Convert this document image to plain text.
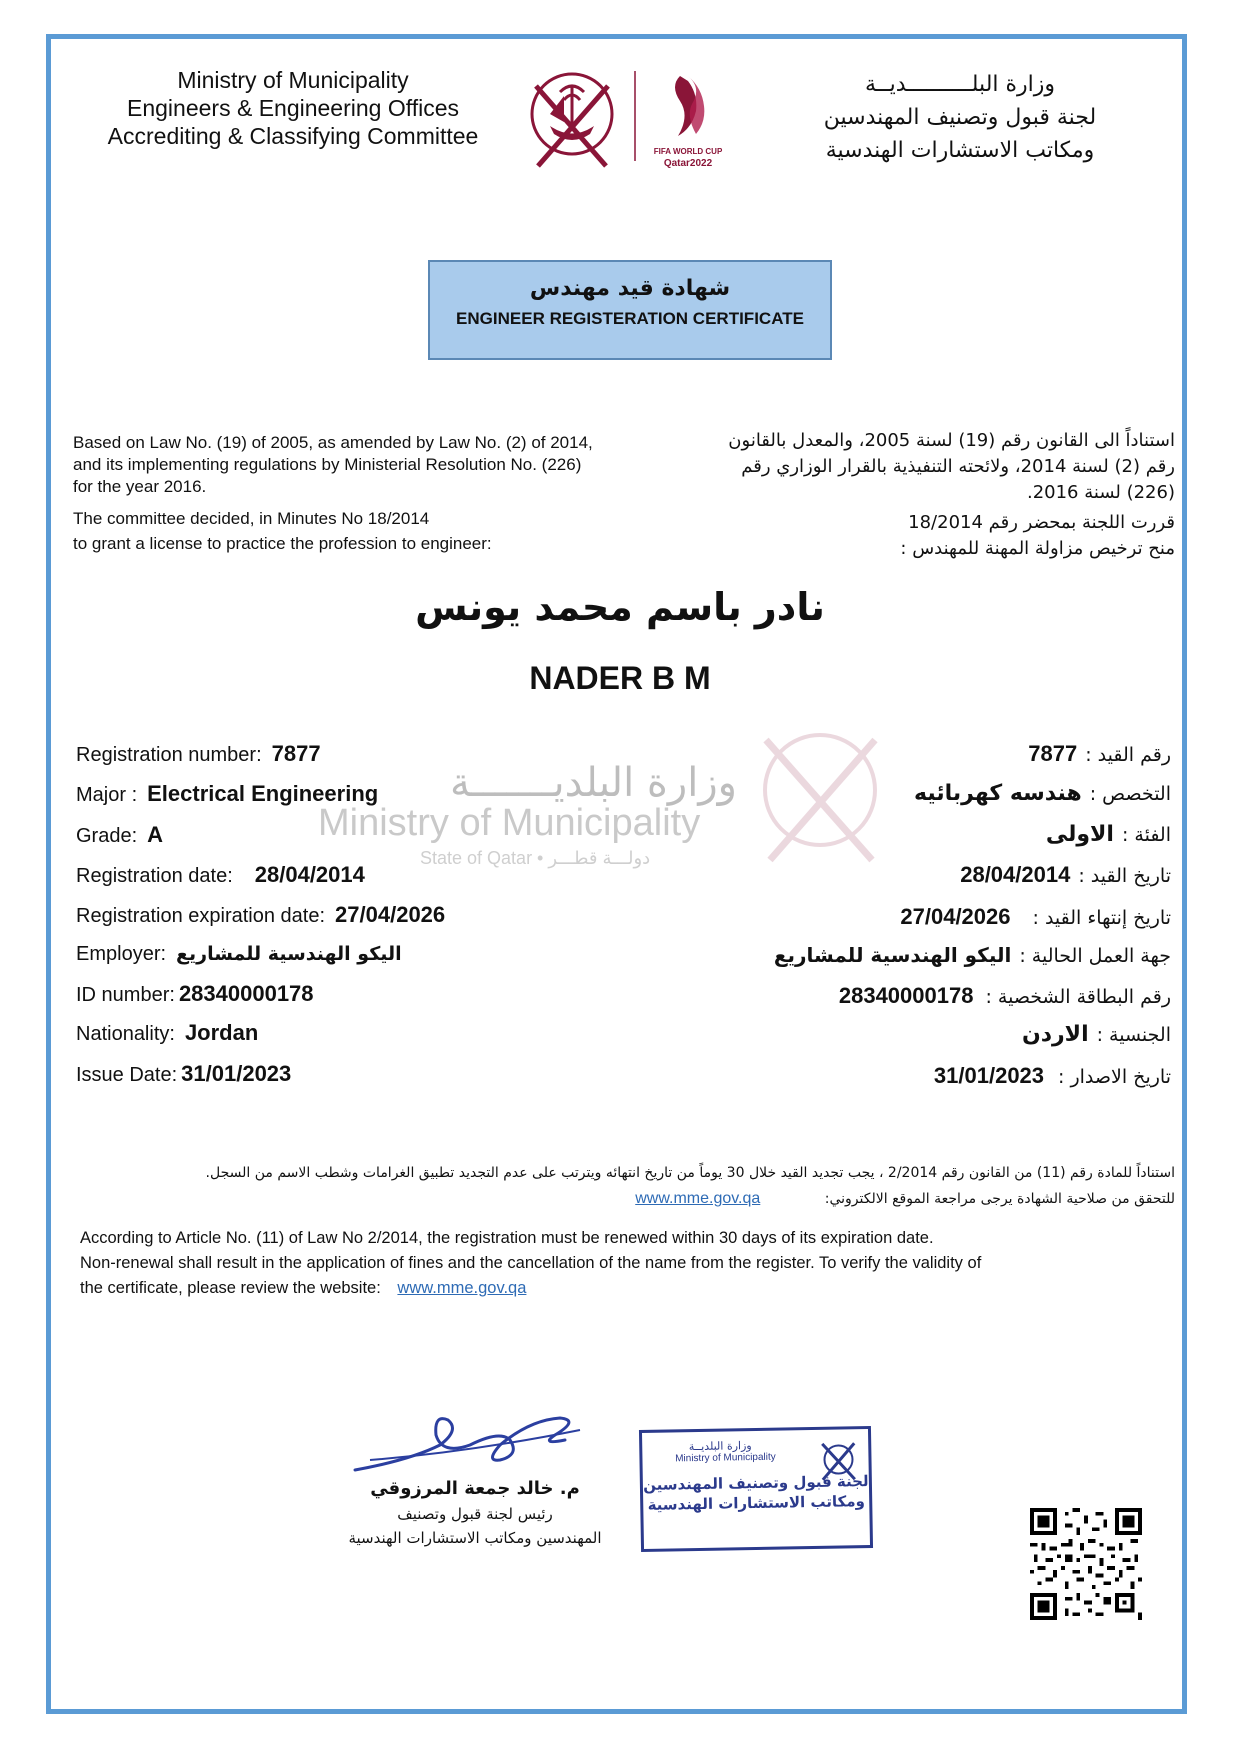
Ministry of Municipality
Engineers & Engineering Offices
Accrediting & Classifying Committee
FIFA WORLD CUP
Qatar2022
وزارة البلــــــــــديــة
لجنة قبول وتصنيف المهندسين
ومكاتب الاستشارات الهندسية
شهادة قيد مهندس
ENGINEER REGISTERATION CERTIFICATE
Based on Law No. (19) of 2005, as amended by Law No. (2) of 2014, and its implementing regulations by Ministerial Resolution No. (226) for the year 2016.
The committee decided, in Minutes No 18/2014
to grant a license to practice the profession to engineer:
استناداً الى القانون رقم (19) لسنة 2005، والمعدل بالقانون رقم (2) لسنة 2014، ولائحته التنفيذية بالقرار الوزاري رقم (226) لسنة 2016.
قررت اللجنة بمحضر رقم 18/2014
منح ترخيص مزاولة المهنة للمهندس :
وزارة البلديـــــــة
Ministry of Municipality
State of Qatar • دولـــة قطـــر
نادر باسم محمد يونس
NADER B M
Registration number: 7877
Major : Electrical Engineering
Grade: A
Registration date: 28/04/2014
Registration expiration date: 27/04/2026
Employer: اليكو الهندسية للمشاريع
ID number: 28340000178
Nationality: Jordan
Issue Date: 31/01/2023
رقم القيد :7877
التخصص :هندسه كهربائيه
الفئة :الاولى
تاريخ القيد :28/04/2014
تاريخ إنتهاء القيد :27/04/2026
جهة العمل الحالية :اليكو الهندسية للمشاريع
رقم البطاقة الشخصية :28340000178
الجنسية :الاردن
تاريخ الاصدار :31/01/2023
استناداً للمادة رقم (11) من القانون رقم 2/2014 ، يجب تجديد القيد خلال 30 يوماً من تاريخ انتهائه ويترتب على عدم التجديد تطبيق الغرامات وشطب الاسم من السجل.
للتحقق من صلاحية الشهادة يرجى مراجعة الموقع الالكتروني: www.mme.gov.qa
According to Article No. (11) of Law No 2/2014, the registration must be renewed within 30 days of its expiration date.
Non-renewal shall result in the application of fines and the cancellation of the name from the register. To verify the validity of
the certificate, please review the website: www.mme.gov.qa
م. خالد جمعة المرزوقي
رئيس لجنة قبول وتصنيف
المهندسين ومكاتب الاستشارات الهندسية
وزارة البلديــة
Ministry of Municipality
لجنة قبول وتصنيف المهندسين
ومكاتب الاستشارات الهندسية
